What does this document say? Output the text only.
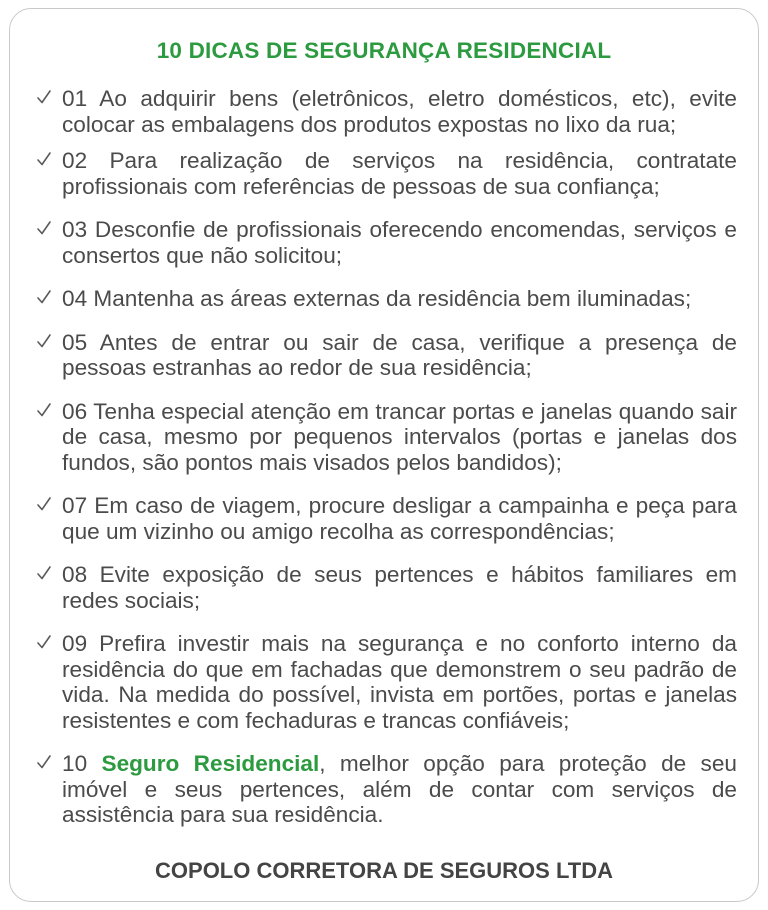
10 DICAS DE SEGURANÇA RESIDENCIAL
01 Ao adquirir bens (eletrônicos, eletro domésticos, etc), evite colocar as embalagens dos produtos expostas no lixo da rua;
02 Para realização de serviços na residência, contratate profissionais com referências de pessoas de sua confiança;
03 Desconfie de profissionais oferecendo encomendas, serviços e consertos que não solicitou;
04 Mantenha as áreas externas da residência bem iluminadas;
05 Antes de entrar ou sair de casa, verifique a presença de pessoas estranhas ao redor de sua residência;
06 Tenha especial atenção em trancar portas e janelas quando sair de casa, mesmo por pequenos intervalos (portas e janelas dos fundos, são pontos mais visados pelos bandidos);
07 Em caso de viagem, procure desligar a campainha e peça para que um vizinho ou amigo recolha as correspondências;
08 Evite exposição de seus pertences e hábitos familiares em redes sociais;
09 Prefira investir mais na segurança e no conforto interno da residência do que em fachadas que demonstrem o seu padrão de vida. Na medida do possível, invista em portões, portas e janelas resistentes e com fechaduras e trancas confiáveis;
10 Seguro Residencial, melhor opção para proteção de seu imóvel e seus pertences, além de contar com serviços de assistência para sua residência.
COPOLO CORRETORA DE SEGUROS LTDA
